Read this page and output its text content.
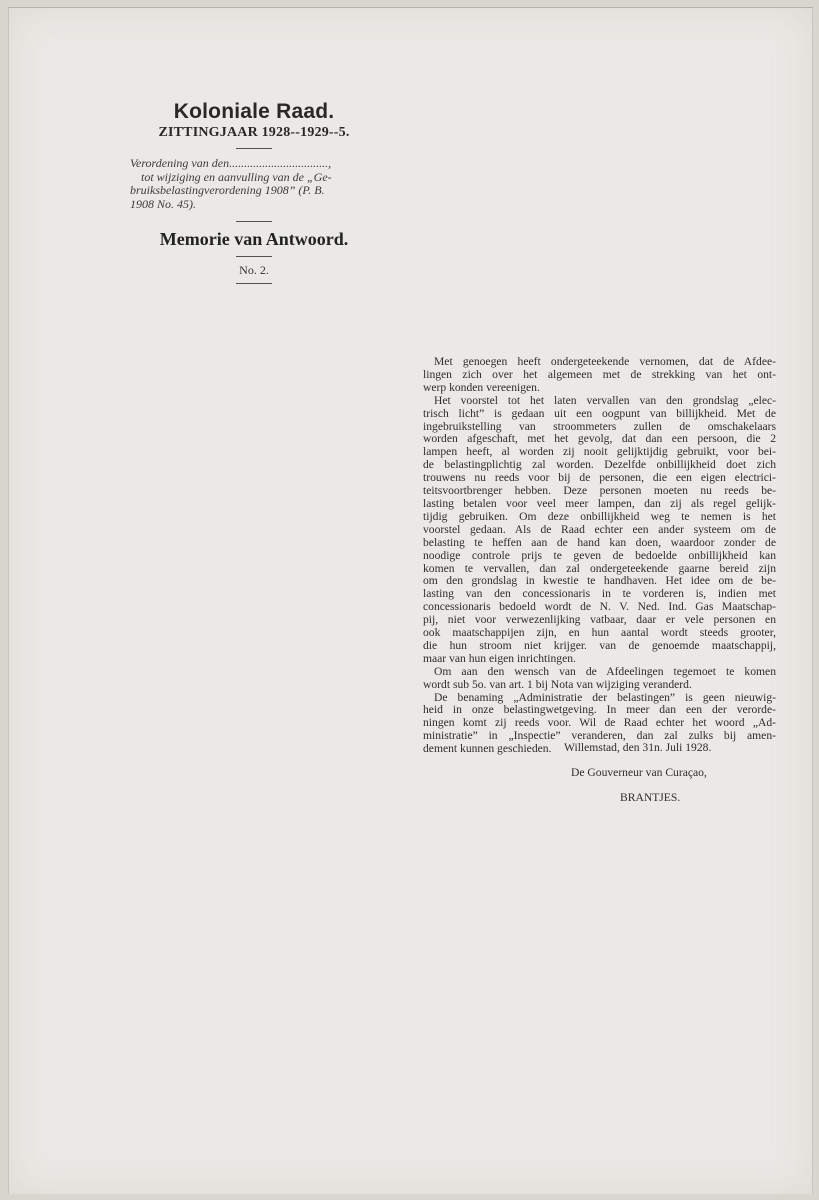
Koloniale Raad.

ZITTINGJAAR 1928--1929--5.

Verordening van den.................................,
tot wijziging en aanvulling van de „Ge-
bruiksbelastingverordening 1908” (P. B.
1908 No. 45).
Memorie van Antwoord.

No. 2.

Met genoegen heeft ondergeteekende vernomen, dat de Afdee-
lingen zich over het algemeen met de strekking van het ont-
werp konden vereenigen.
Het voorstel tot het laten vervallen van den grondslag „elec-
trisch licht” is gedaan uit een oogpunt van billijkheid. Met de
ingebruikstelling van stroommeters zullen de omschakelaars
worden afgeschaft, met het gevolg, dat dan een persoon, die 2
lampen heeft, al worden zij nooit gelijktijdig gebruikt, voor bei-
de belastingplichtig zal worden. Dezelfde onbillijkheid doet zich
trouwens nu reeds voor bij de personen, die een eigen electrici-
teitsvoortbrenger hebben. Deze personen moeten nu reeds be-
lasting betalen voor veel meer lampen, dan zij als regel gelijk-
tijdig gebruiken. Om deze onbillijkheid weg te nemen is het
voorstel gedaan. Als de Raad echter een ander systeem om de
belasting te heffen aan de hand kan doen, waardoor zonder de
noodige controle prijs te geven de bedoelde onbillijkheid kan
komen te vervallen, dan zal ondergeteekende gaarne bereid zijn
om den grondslag in kwestie te handhaven. Het idee om de be-
lasting van den concessionaris in te vorderen is, indien met
concessionaris bedoeld wordt de N. V. Ned. Ind. Gas Maatschap-
pij, niet voor verwezenlijking vatbaar, daar er vele personen en
ook maatschappijen zijn, en hun aantal wordt steeds grooter,
die hun stroom niet krijger. van de genoemde maatschappij,
maar van hun eigen inrichtingen.
Om aan den wensch van de Afdeelingen tegemoet te komen
wordt sub 5o. van art. 1 bij Nota van wijziging veranderd.
De benaming „Administratie der belastingen” is geen nieuwig-
heid in onze belastingwetgeving. In meer dan een der verorde-
ningen komt zij reeds voor. Wil de Raad echter het woord „Ad-
ministratie” in „Inspectie” veranderen, dan zal zulks bij amen-
dement kunnen geschieden.	Willemstad, den 31n. Juli 1928.
De Gouverneur van Curaçao,
BRANTJES.
